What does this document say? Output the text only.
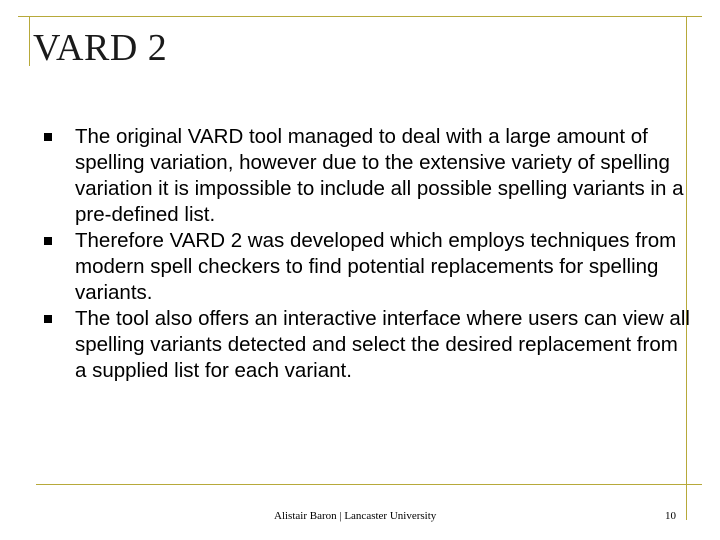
VARD 2
The original VARD tool managed to deal with a large amount of spelling variation, however due to the extensive variety of spelling variation it is impossible to include all possible spelling variants in a pre-defined list.
Therefore VARD 2 was developed which employs techniques from modern spell checkers to find potential replacements for spelling variants.
The tool also offers an interactive interface where users can view all spelling variants detected and select the desired replacement from a supplied list for each variant.
Alistair Baron | Lancaster University	10
